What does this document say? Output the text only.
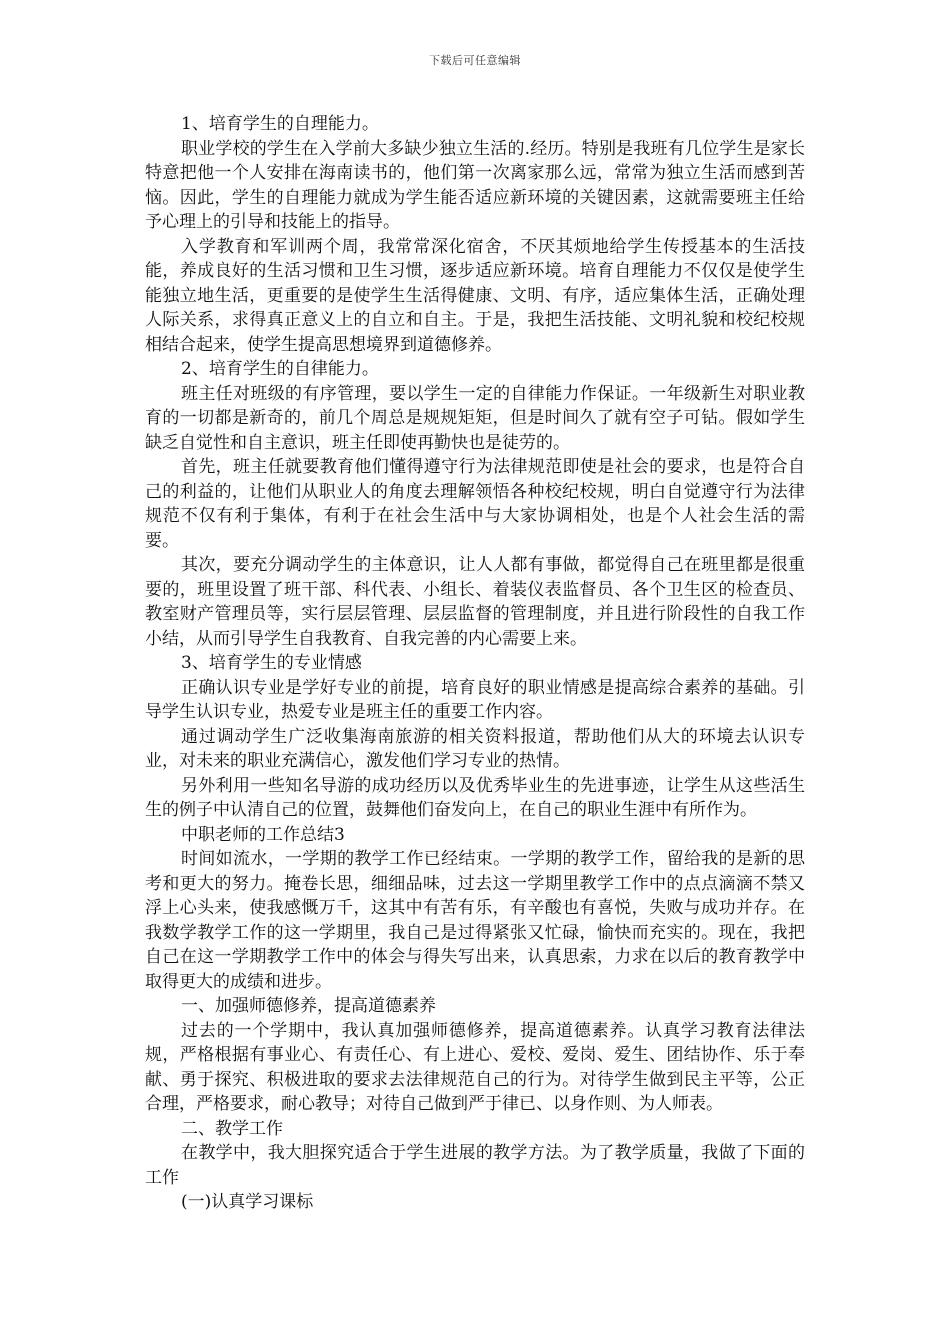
下载后可任意编辑

1、培育学生的自理能力。

职业学校的学生在入学前大多缺少独立生活的.经历。特别是我班有几位学生是家长特意把他一个人安排在海南读书的，他们第一次离家那么远，常常为独立生活而感到苦恼。因此，学生的自理能力就成为学生能否适应新环境的关键因素，这就需要班主任给予心理上的引导和技能上的指导。

入学教育和军训两个周，我常常深化宿舍，不厌其烦地给学生传授基本的生活技能，养成良好的生活习惯和卫生习惯，逐步适应新环境。培育自理能力不仅仅是使学生能独立地生活，更重要的是使学生生活得健康、文明、有序，适应集体生活，正确处理人际关系，求得真正意义上的自立和自主。于是，我把生活技能、文明礼貌和校纪校规相结合起来，使学生提高思想境界到道德修养。

2、培育学生的自律能力。

班主任对班级的有序管理，要以学生一定的自律能力作保证。一年级新生对职业教育的一切都是新奇的，前几个周总是规规矩矩，但是时间久了就有空子可钻。假如学生缺乏自觉性和自主意识，班主任即使再勤快也是徒劳的。

首先，班主任就要教育他们懂得遵守行为法律规范即使是社会的要求，也是符合自己的利益的，让他们从职业人的角度去理解领悟各种校纪校规，明白自觉遵守行为法律规范不仅有利于集体，有利于在社会生活中与大家协调相处，也是个人社会生活的需要。

其次，要充分调动学生的主体意识，让人人都有事做，都觉得自己在班里都是很重要的，班里设置了班干部、科代表、小组长、着装仪表监督员、各个卫生区的检查员、教室财产管理员等，实行层层管理、层层监督的管理制度，并且进行阶段性的自我工作小结，从而引导学生自我教育、自我完善的内心需要上来。

3、培育学生的专业情感

正确认识专业是学好专业的前提，培育良好的职业情感是提高综合素养的基础。引导学生认识专业，热爱专业是班主任的重要工作内容。

通过调动学生广泛收集海南旅游的相关资料报道，帮助他们从大的环境去认识专业，对未来的职业充满信心，激发他们学习专业的热情。

另外利用一些知名导游的成功经历以及优秀毕业生的先进事迹，让学生从这些活生生的例子中认清自己的位置，鼓舞他们奋发向上，在自己的职业生涯中有所作为。

中职老师的工作总结3

时间如流水，一学期的教学工作已经结束。一学期的教学工作，留给我的是新的思考和更大的努力。掩卷长思，细细品味，过去这一学期里教学工作中的点点滴滴不禁又浮上心头来，使我感慨万千，这其中有苦有乐，有辛酸也有喜悦，失败与成功并存。在我数学教学工作的这一学期里，我自己是过得紧张又忙碌，愉快而充实的。现在，我把自己在这一学期教学工作中的体会与得失写出来，认真思索，力求在以后的教育教学中取得更大的成绩和进步。

一、加强师德修养，提高道德素养

过去的一个学期中，我认真加强师德修养，提高道德素养。认真学习教育法律法规，严格根据有事业心、有责任心、有上进心、爱校、爱岗、爱生、团结协作、乐于奉献、勇于探究、积极进取的要求去法律规范自己的行为。对待学生做到民主平等，公正合理，严格要求，耐心教导；对待自己做到严于律已、以身作则、为人师表。

二、教学工作

在教学中，我大胆探究适合于学生进展的教学方法。为了教学质量，我做了下面的工作

(一)认真学习课标
